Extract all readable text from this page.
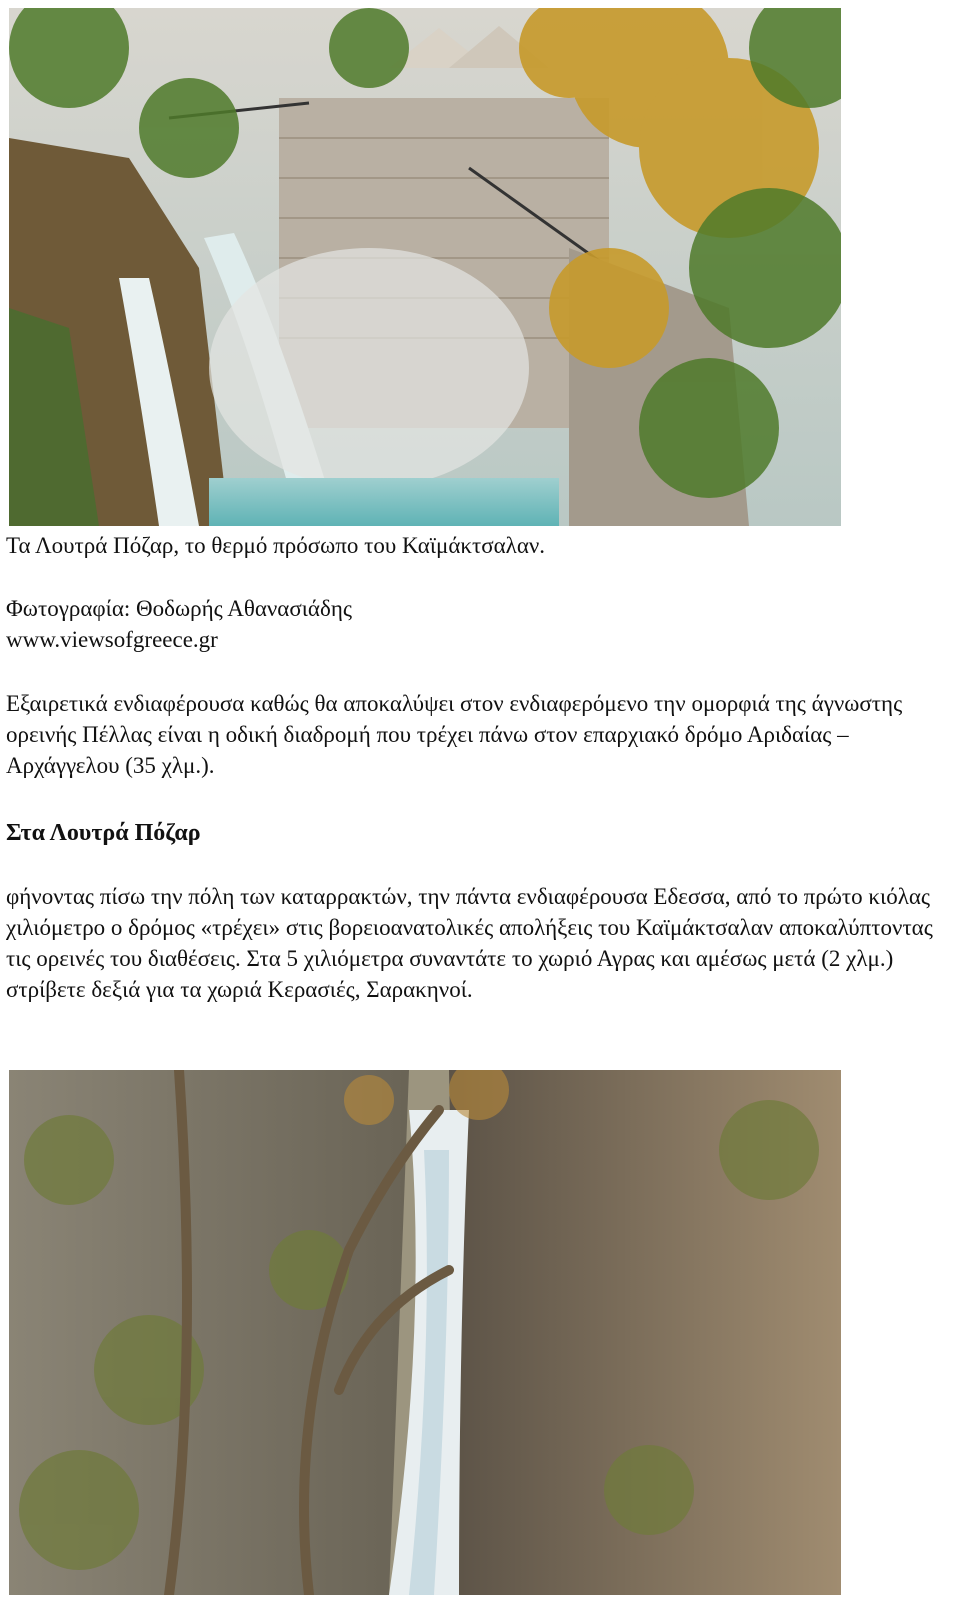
Τα Λουτρά Πόζαρ, το θερμό πρόσωπο του Καϊμάκτσαλαν.

Φωτογραφία: Θοδωρής Αθανασιάδης

www.viewsofgreece.gr

Εξαιρετικά ενδιαφέρουσα καθώς θα αποκαλύψει στον ενδιαφερόμενο την ομορφιά της άγνωστης ορεινής Πέλλας είναι η οδική διαδρομή που τρέχει πάνω στον επαρχιακό δρόμο Αριδαίας – Αρχάγγελου (35 χλμ.).
Στα Λουτρά Πόζαρ
φήνοντας πίσω την πόλη των καταρρακτών, την πάντα ενδιαφέρουσα Εδεσσα, από το πρώτο κιόλας χιλιόμετρο ο δρόμος «τρέχει» στις βορειοανατολικές απολήξεις του Καϊμάκτσαλαν αποκαλύπτοντας τις ορεινές του διαθέσεις. Στα 5 χιλιόμετρα συναντάτε το χωριό Αγρας και αμέσως μετά (2 χλμ.) στρίβετε δεξιά για τα χωριά Κερασιές, Σαρακηνοί.
